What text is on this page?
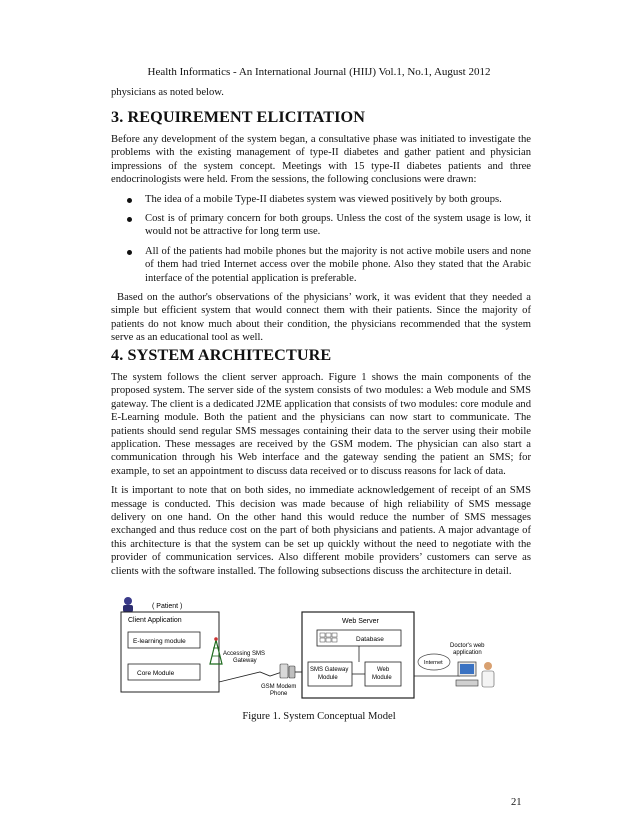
Health Informatics - An International Journal (HIIJ) Vol.1, No.1, August 2012

physicians as noted below.

3. REQUIREMENT ELICITATION

Before any development of the system began, a consultative phase was initiated to investigate the problems with the existing management of type-II diabetes and gather patient and physician impressions of the system concept. Meetings with 15 type-II diabetes patients and three endocrinologists were held. From the sessions, the following conclusions were drawn:

The idea of a mobile Type-II diabetes system was viewed positively by both groups.
Cost is of primary concern for both groups. Unless the cost of the system usage is low, it would not be attractive for long term use.
All of the patients had mobile phones but the majority is not active mobile users and none of them had tried Internet access over the mobile phone. Also they stated that the Arabic interface of the potential application is preferable.

Based on the author's observations of the physicians’ work, it was evident that they needed a simple but efficient system that would connect them with their patients. Since the majority of patients do not know much about their condition, the physicians recommended that the system serve as an educational tool as well.

4. SYSTEM ARCHITECTURE

The system follows the client server approach. Figure 1 shows the main components of the proposed system. The server side of the system consists of two modules: a Web module and SMS gateway. The client is a dedicated J2ME application that consists of two modules: core module and E-Learning module. Both the patient and the physicians can now start to communicate. The patients should send regular SMS messages containing their data to the server using their mobile application. These messages are received by the GSM modem. The physician can also start a communication through his Web interface and the gateway sending the patient an SMS; for example, to set an appointment to discuss data received or to discuss reasons for lack of data.

It is important to note that on both sides, no immediate acknowledgement of receipt of an SMS message is conducted. This decision was made because of high reliability of SMS message delivery on one hand. On the other hand this would reduce the number of SMS messages exchanged and thus reduce cost on the part of both physicians and patients. A major advantage of this architecture is that the system can be set up quickly without the need to negotiate with the provider of communication services. Also different mobile providers’ customers can serve as clients with the software installed. The following subsections discuss the architecture in detail.

( Patient )
Client Application
E-learning module
Core Module
Accessing SMS
Gateway
GSM Modem
Phone
Web Server
Database
SMS Gateway
Module
Web
Module
Internet
Doctor's web
application
Figure 1. System Conceptual Model
21
